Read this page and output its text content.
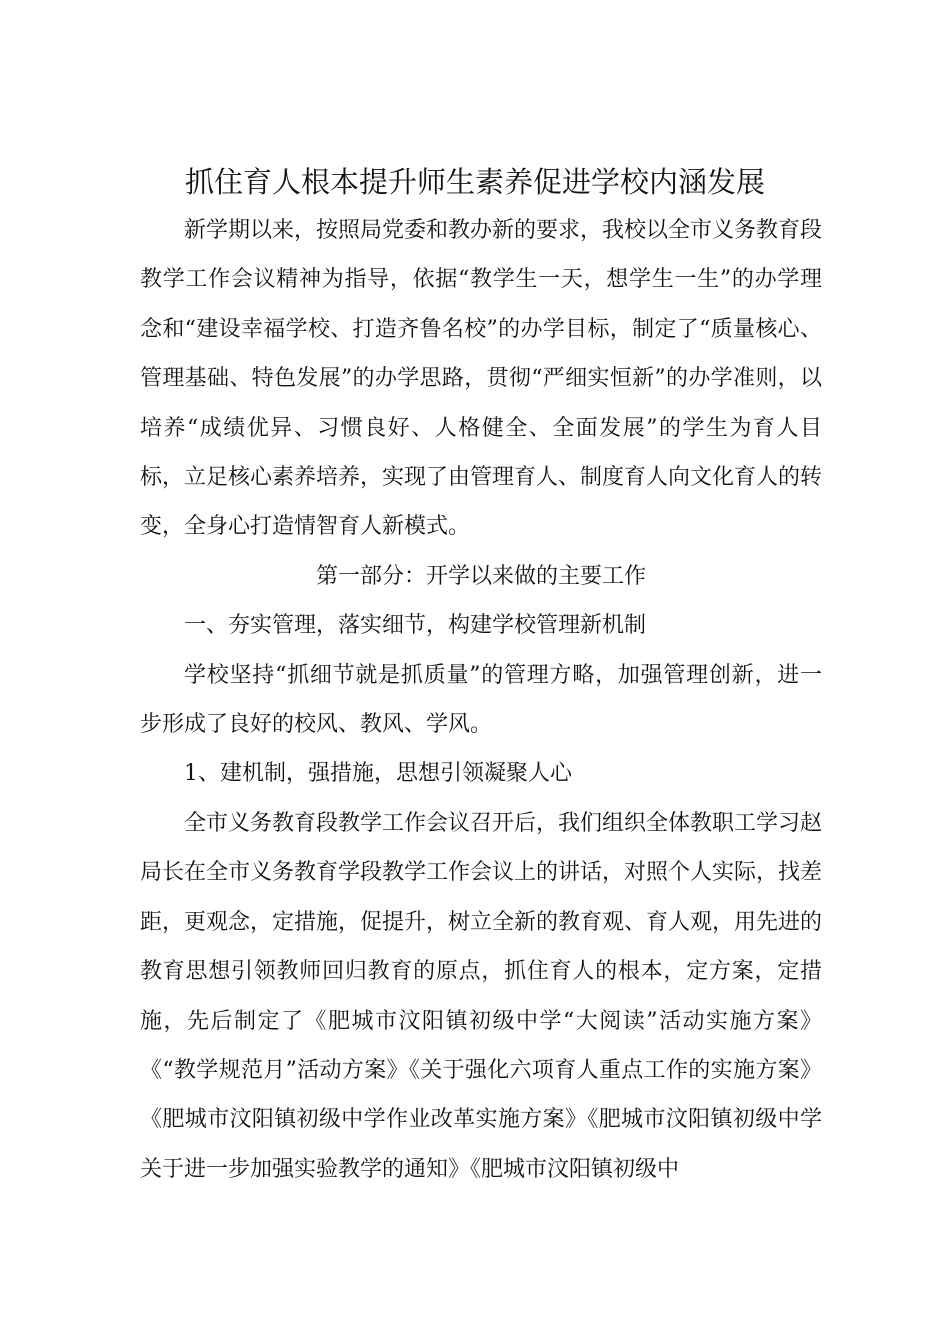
抓住育人根本提升师生素养促进学校内涵发展

新学期以来，按照局党委和教办新的要求，我校以全市义务教育段教学工作会议精神为指导，依据“教学生一天，想学生一生”的办学理念和“建设幸福学校、打造齐鲁名校”的办学目标，制定了“质量核心、管理基础、特色发展”的办学思路，贯彻“严细实恒新”的办学准则，以培养“成绩优异、习惯良好、人格健全、全面发展”的学生为育人目标，立足核心素养培养，实现了由管理育人、制度育人向文化育人的转变，全身心打造情智育人新模式。

第一部分：开学以来做的主要工作

一、夯实管理，落实细节，构建学校管理新机制

学校坚持“抓细节就是抓质量”的管理方略，加强管理创新，进一步形成了良好的校风、教风、学风。

1、建机制，强措施，思想引领凝聚人心

全市义务教育段教学工作会议召开后，我们组织全体教职工学习赵局长在全市义务教育学段教学工作会议上的讲话，对照个人实际，找差距，更观念，定措施，促提升，树立全新的教育观、育人观，用先进的教育思想引领教师回归教育的原点，抓住育人的根本，定方案，定措施，先后制定了《肥城市汶阳镇初级中学“大阅读”活动实施方案》《“教学规范月”活动方案》《关于强化六项育人重点工作的实施方案》《肥城市汶阳镇初级中学作业改革实施方案》《肥城市汶阳镇初级中学关于进一步加强实验教学的通知》《肥城市汶阳镇初级中
